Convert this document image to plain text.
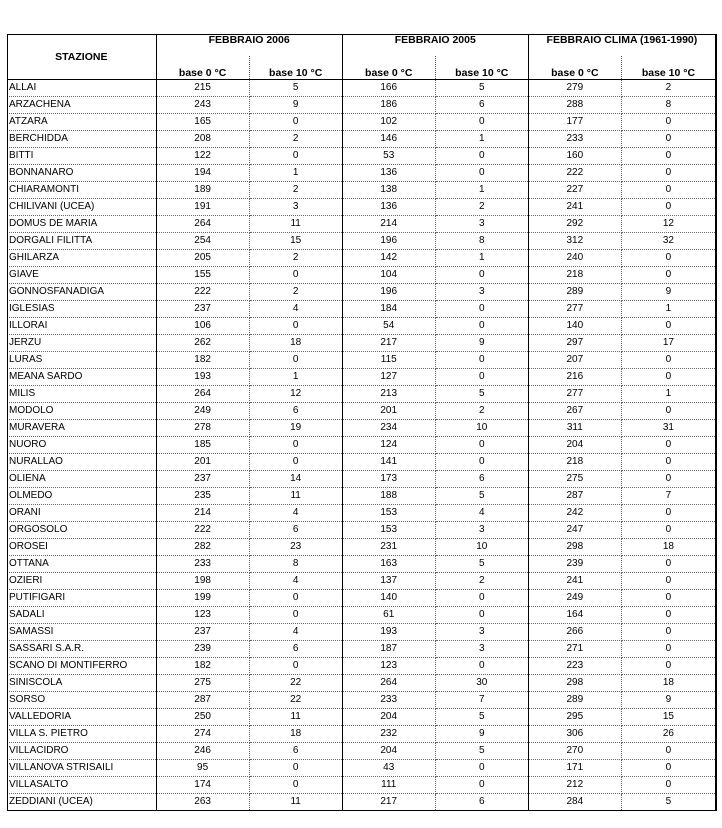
STAZIONE	FEBBRAIO 2006		FEBBRAIO 2005		FEBBRAIO CLIMA (1961-1990)	
	base 0 °C	base 10 °C	base 0 °C	base 10 °C	base 0 °C	base 10 °C
ALLAI	215	5	166	5	279	2
ARZACHENA	243	9	186	6	288	8
ATZARA	165	0	102	0	177	0
BERCHIDDA	208	2	146	1	233	0
BITTI	122	0	53	0	160	0
BONNANARO	194	1	136	0	222	0
CHIARAMONTI	189	2	138	1	227	0
CHILIVANI (UCEA)	191	3	136	2	241	0
DOMUS DE MARIA	264	11	214	3	292	12
DORGALI FILITTA	254	15	196	8	312	32
GHILARZA	205	2	142	1	240	0
GIAVE	155	0	104	0	218	0
GONNOSFANADIGA	222	2	196	3	289	9
IGLESIAS	237	4	184	0	277	1
ILLORAI	106	0	54	0	140	0
JERZU	262	18	217	9	297	17
LURAS	182	0	115	0	207	0
MEANA SARDO	193	1	127	0	216	0
MILIS	264	12	213	5	277	1
MODOLO	249	6	201	2	267	0
MURAVERA	278	19	234	10	311	31
NUORO	185	0	124	0	204	0
NURALLAO	201	0	141	0	218	0
OLIENA	237	14	173	6	275	0
OLMEDO	235	11	188	5	287	7
ORANI	214	4	153	4	242	0
ORGOSOLO	222	6	153	3	247	0
OROSEI	282	23	231	10	298	18
OTTANA	233	8	163	5	239	0
OZIERI	198	4	137	2	241	0
PUTIFIGARI	199	0	140	0	249	0
SADALI	123	0	61	0	164	0
SAMASSI	237	4	193	3	266	0
SASSARI S.A.R.	239	6	187	3	271	0
SCANO DI MONTIFERRO	182	0	123	0	223	0
SINISCOLA	275	22	264	30	298	18
SORSO	287	22	233	7	289	9
VALLEDORIA	250	11	204	5	295	15
VILLA S. PIETRO	274	18	232	9	306	26
VILLACIDRO	246	6	204	5	270	0
VILLANOVA STRISAILI	95	0	43	0	171	0
VILLASALTO	174	0	111	0	212	0
ZEDDIANI (UCEA)	263	11	217	6	284	5
